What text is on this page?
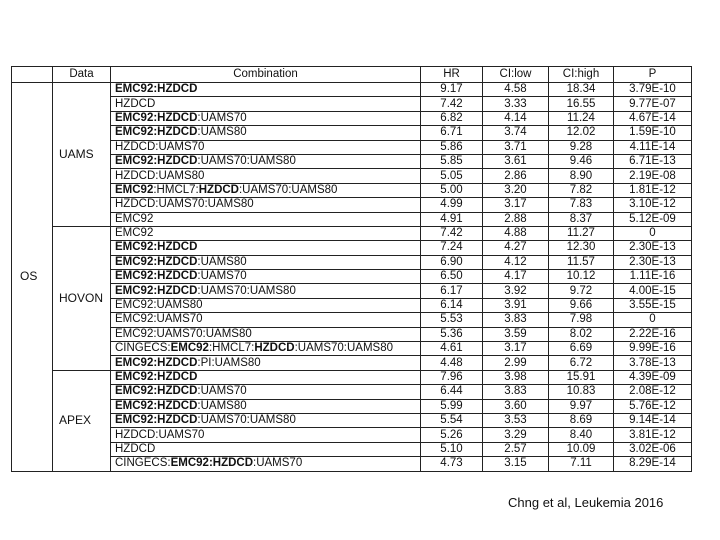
	Data	Combination	HR	CI:low	CI:high	P
OS	UAMS	EMC92:HZDCD	9.17	4.58	18.34	3.79E-10
		HZDCD	7.42	3.33	16.55	9.77E-07
		EMC92:HZDCD:UAMS70	6.82	4.14	11.24	4.67E-14
		EMC92:HZDCD:UAMS80	6.71	3.74	12.02	1.59E-10
		HZDCD:UAMS70	5.86	3.71	9.28	4.11E-14
		EMC92:HZDCD:UAMS70:UAMS80	5.85	3.61	9.46	6.71E-13
		HZDCD:UAMS80	5.05	2.86	8.90	2.19E-08
		EMC92:HMCL7:HZDCD:UAMS70:UAMS80	5.00	3.20	7.82	1.81E-12
		HZDCD:UAMS70:UAMS80	4.99	3.17	7.83	3.10E-12
		EMC92	4.91	2.88	8.37	5.12E-09
	HOVON	EMC92	7.42	4.88	11.27	0
		EMC92:HZDCD	7.24	4.27	12.30	2.30E-13
		EMC92:HZDCD:UAMS80	6.90	4.12	11.57	2.30E-13
		EMC92:HZDCD:UAMS70	6.50	4.17	10.12	1.11E-16
		EMC92:HZDCD:UAMS70:UAMS80	6.17	3.92	9.72	4.00E-15
		EMC92:UAMS80	6.14	3.91	9.66	3.55E-15
		EMC92:UAMS70	5.53	3.83	7.98	0
		EMC92:UAMS70:UAMS80	5.36	3.59	8.02	2.22E-16
		CINGECS:EMC92:HMCL7:HZDCD:UAMS70:UAMS80	4.61	3.17	6.69	9.99E-16
		EMC92:HZDCD:PI:UAMS80	4.48	2.99	6.72	3.78E-13
	APEX	EMC92:HZDCD	7.96	3.98	15.91	4.39E-09
		EMC92:HZDCD:UAMS70	6.44	3.83	10.83	2.08E-12
		EMC92:HZDCD:UAMS80	5.99	3.60	9.97	5.76E-12
		EMC92:HZDCD:UAMS70:UAMS80	5.54	3.53	8.69	9.14E-14
		HZDCD:UAMS70	5.26	3.29	8.40	3.81E-12
		HZDCD	5.10	2.57	10.09	3.02E-06
		CINGECS:EMC92:HZDCD:UAMS70	4.73	3.15	7.11	8.29E-14
Chng et al, Leukemia 2016
